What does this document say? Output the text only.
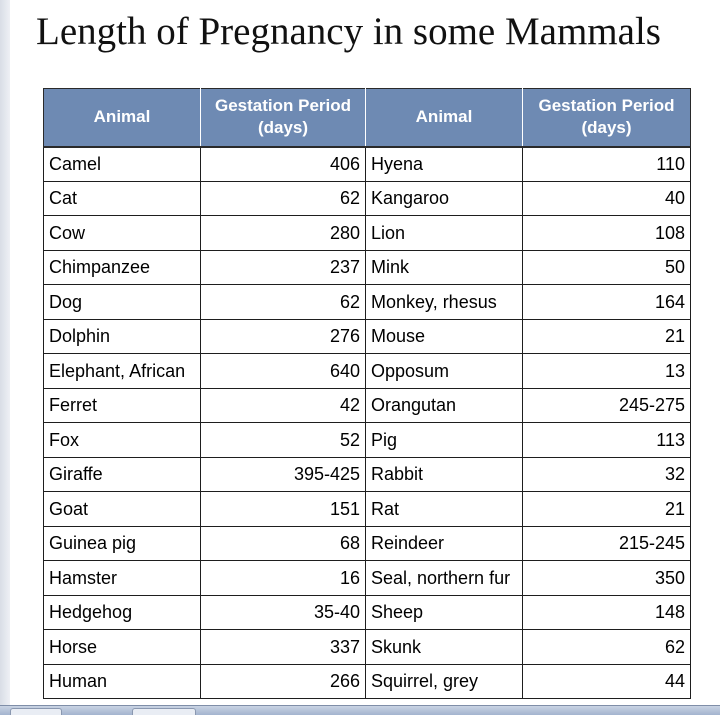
Length of Pregnancy in some Mammals
Animal	Gestation Period (days)	Animal	Gestation Period (days)
Camel	406	Hyena	110
Cat	62	Kangaroo	40
Cow	280	Lion	108
Chimpanzee	237	Mink	50
Dog	62	Monkey, rhesus	164
Dolphin	276	Mouse	21
Elephant, African	640	Opposum	13
Ferret	42	Orangutan	245-275
Fox	52	Pig	113
Giraffe	395-425	Rabbit	32
Goat	151	Rat	21
Guinea pig	68	Reindeer	215-245
Hamster	16	Seal, northern fur	350
Hedgehog	35-40	Sheep	148
Horse	337	Skunk	62
Human	266	Squirrel, grey	44
